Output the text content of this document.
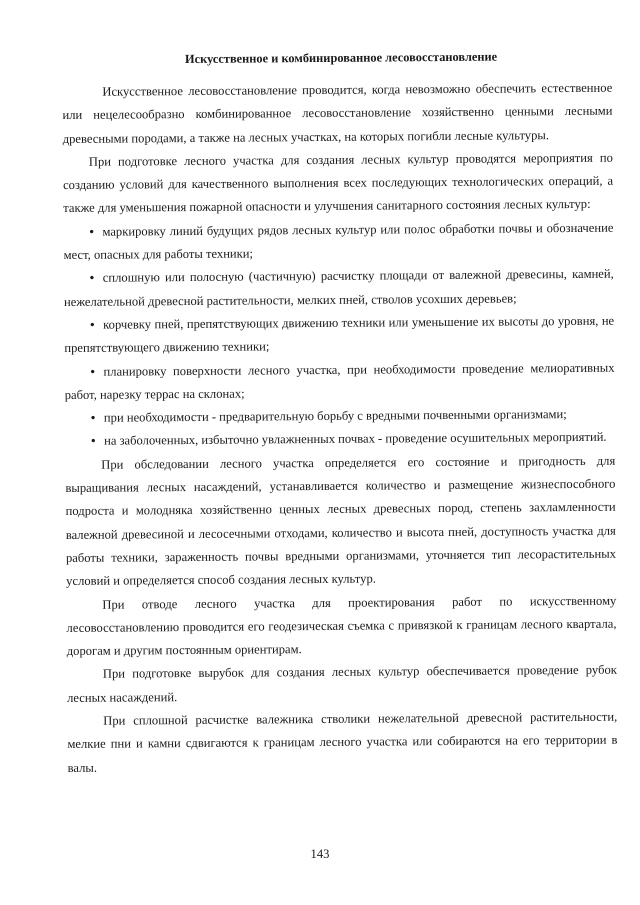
Искусственное и комбинированное лесовосстановление

Искусственное лесовосстановление проводится, когда невозможно обеспечить естественное или нецелесообразно комбинированное лесовосстановление хозяйственно ценными лесными древесными породами, а также на лесных участках, на которых погибли лесные культуры.

При подготовке лесного участка для создания лесных культур проводятся мероприятия по созданию условий для качественного выполнения всех последующих технологических операций, а также для уменьшения пожарной опасности и улучшения санитарного состояния лесных культур:

• маркировку линий будущих рядов лесных культур или полос обработки почвы и обозначение мест, опасных для работы техники;
• сплошную или полосную (частичную) расчистку площади от валежной древесины, камней, нежелательной древесной растительности, мелких пней, стволов усохших деревьев;
• корчевку пней, препятствующих движению техники или уменьшение их высоты до уровня, не препятствующего движению техники;
• планировку поверхности лесного участка, при необходимости проведение мелиоративных работ, нарезку террас на склонах;
• при необходимости - предварительную борьбу с вредными почвенными организмами;
• на заболоченных, избыточно увлажненных почвах - проведение осушительных мероприятий.

При обследовании лесного участка определяется его состояние и пригодность для выращивания лесных насаждений, устанавливается количество и размещение жизнеспособного подроста и молодняка хозяйственно ценных лесных древесных пород, степень захламленности валежной древесиной и лесосечными отходами, количество и высота пней, доступность участка для работы техники, зараженность почвы вредными организмами, уточняется тип лесорастительных условий и определяется способ создания лесных культур.

При отводе лесного участка для проектирования работ по искусственному лесовосстановлению проводится его геодезическая съемка с привязкой к границам лесного квартала, дорогам и другим постоянным ориентирам.

При подготовке вырубок для создания лесных культур обеспечивается проведение рубок лесных насаждений.

При сплошной расчистке валежника стволики нежелательной древесной растительности, мелкие пни и камни сдвигаются к границам лесного участка или собираются на его территории в валы.

143
